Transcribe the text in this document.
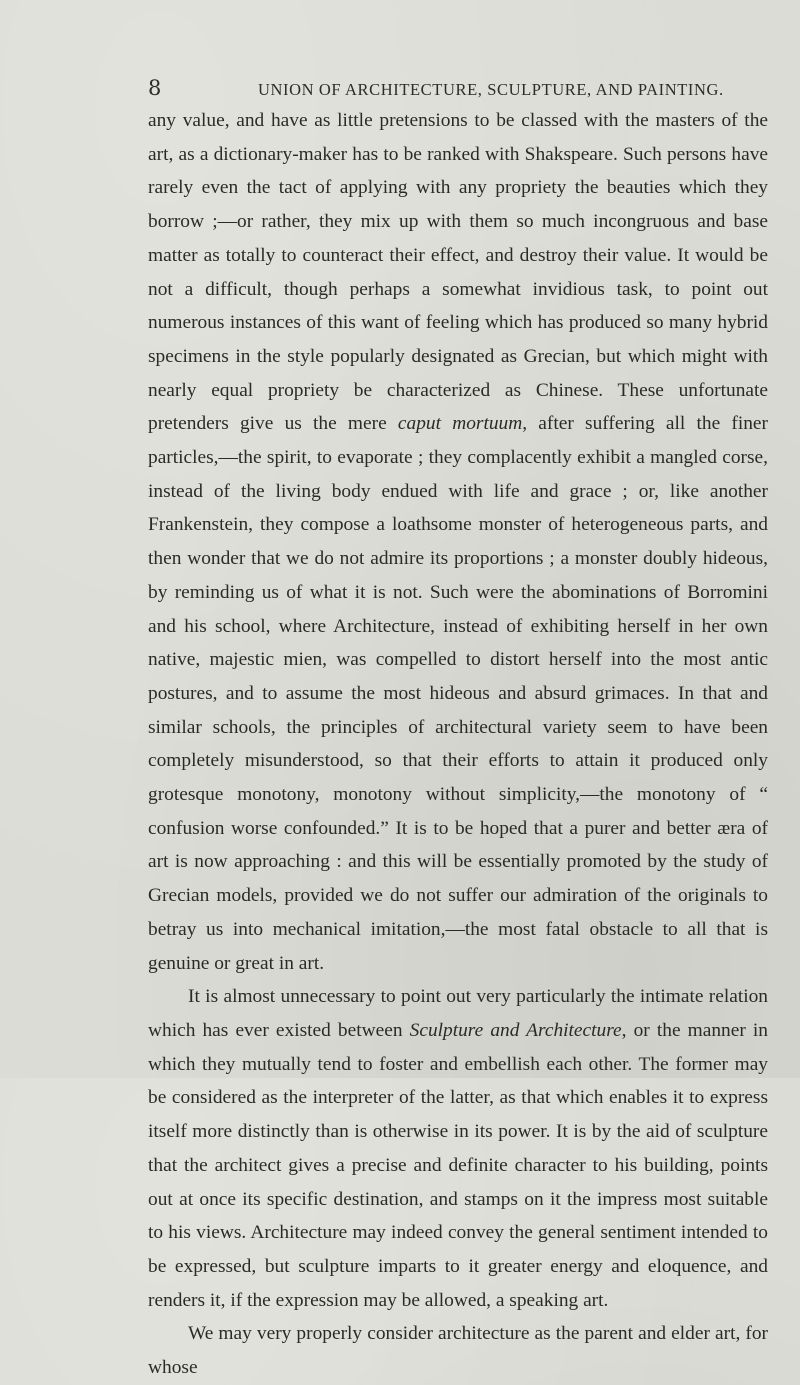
8	UNION OF ARCHITECTURE, SCULPTURE, AND PAINTING.

any value, and have as little pretensions to be classed with the masters of the art, as a dictionary-maker has to be ranked with Shakspeare. Such persons have rarely even the tact of applying with any propriety the beauties which they borrow ;—or rather, they mix up with them so much incongruous and base matter as totally to counteract their effect, and destroy their value. It would be not a difficult, though perhaps a somewhat invidious task, to point out numerous instances of this want of feeling which has produced so many hybrid specimens in the style popularly designated as Grecian, but which might with nearly equal propriety be characterized as Chinese. These unfortunate pretenders give us the mere caput mortuum, after suffering all the finer particles,—the spirit, to evaporate ; they complacently exhibit a mangled corse, instead of the living body endued with life and grace ; or, like another Frankenstein, they compose a loathsome monster of heterogeneous parts, and then wonder that we do not admire its proportions ; a monster doubly hideous, by reminding us of what it is not. Such were the abominations of Borromini and his school, where Architecture, instead of exhibiting herself in her own native, majestic mien, was compelled to distort herself into the most antic postures, and to assume the most hideous and absurd grimaces. In that and similar schools, the principles of architectural variety seem to have been completely misunderstood, so that their efforts to attain it produced only grotesque monotony, monotony without simplicity,—the monotony of “ confusion worse confounded.” It is to be hoped that a purer and better æra of art is now approaching : and this will be essentially promoted by the study of Grecian models, provided we do not suffer our admiration of the originals to betray us into mechanical imitation,—the most fatal obstacle to all that is genuine or great in art.

It is almost unnecessary to point out very particularly the intimate relation which has ever existed between Sculpture and Architecture, or the manner in which they mutually tend to foster and embellish each other. The former may be considered as the interpreter of the latter, as that which enables it to express itself more distinctly than is otherwise in its power. It is by the aid of sculpture that the architect gives a precise and definite character to his building, points out at once its specific destination, and stamps on it the impress most suitable to his views. Architecture may indeed convey the general sentiment intended to be expressed, but sculpture imparts to it greater energy and eloquence, and renders it, if the expression may be allowed, a speaking art.

We may very properly consider architecture as the parent and elder art, for whose
